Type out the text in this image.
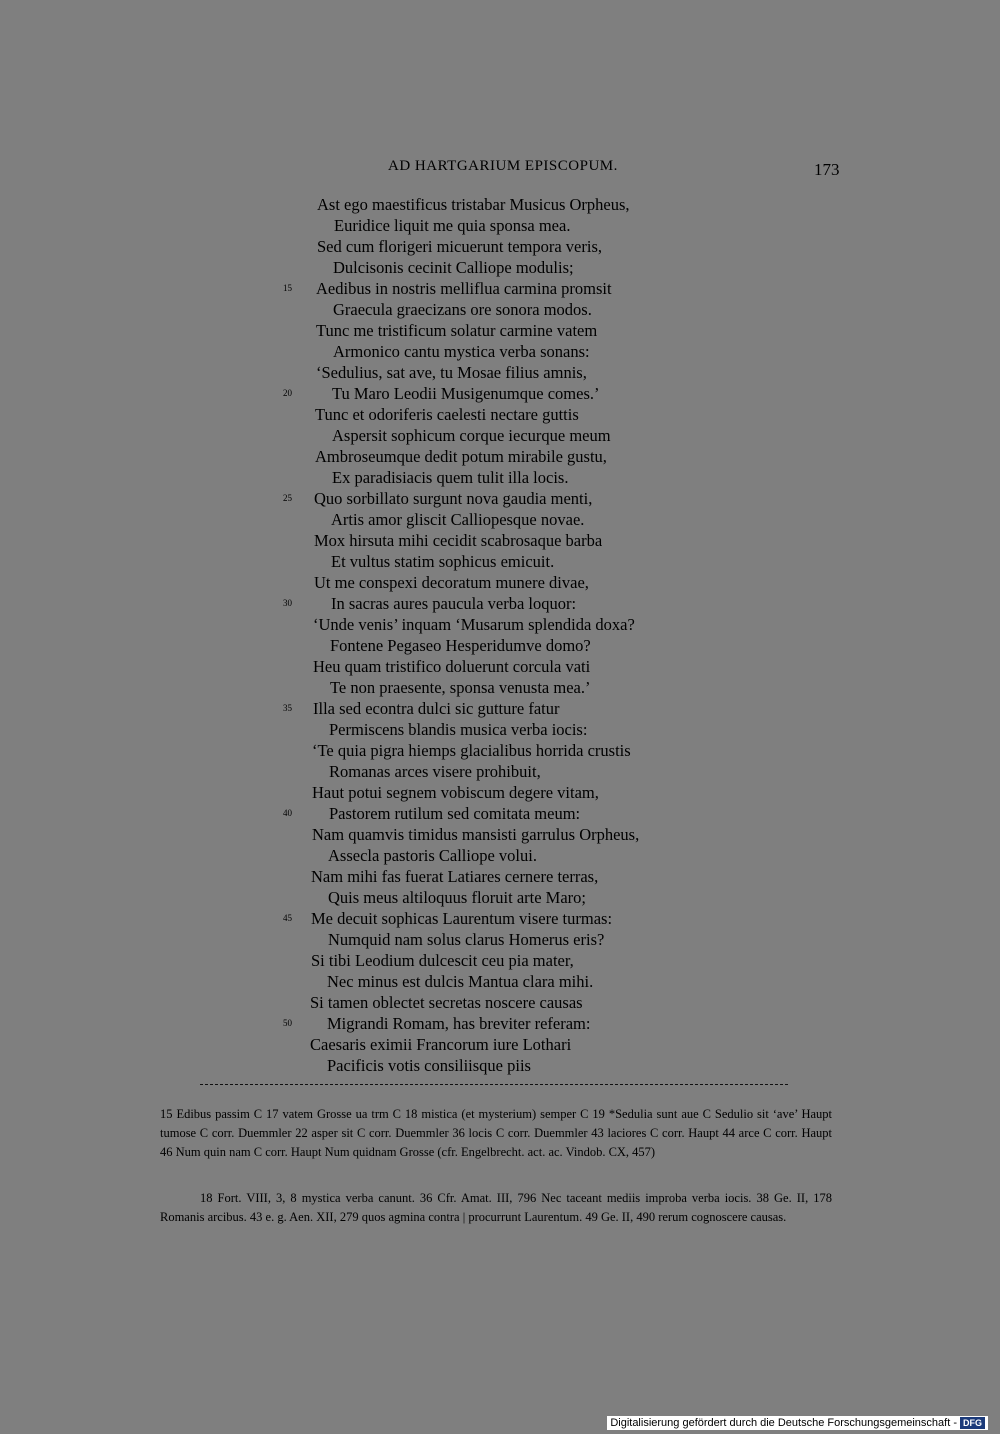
AD HARTGARIUM EPISCOPUM.	173
Ast ego maestificus tristabar Musicus Orpheus,
Euridice liquit me quia sponsa mea.
Sed cum florigeri micuerunt tempora veris,
Dulcisonis cecinit Calliope modulis;
Aedibus in nostris melliflua carmina promsit
15
Graecula graecizans ore sonora modos.
Tunc me tristificum solatur carmine vatem
Armonico cantu mystica verba sonans:
‘Sedulius, sat ave, tu Mosae filius amnis,
Tu Maro Leodii Musigenumque comes.’
20
Tunc et odoriferis caelesti nectare guttis
Aspersit sophicum corque iecurque meum
Ambroseumque dedit potum mirabile gustu,
Ex paradisiacis quem tulit illa locis.
Quo sorbillato surgunt nova gaudia menti,
25
Artis amor gliscit Calliopesque novae.
Mox hirsuta mihi cecidit scabrosaque barba
Et vultus statim sophicus emicuit.
Ut me conspexi decoratum munere divae,
In sacras aures paucula verba loquor:
30
‘Unde venis’ inquam ‘Musarum splendida doxa?
Fontene Pegaseo Hesperidumve domo?
Heu quam tristifico doluerunt corcula vati
Te non praesente, sponsa venusta mea.’
Illa sed econtra dulci sic gutture fatur
35
Permiscens blandis musica verba iocis:
‘Te quia pigra hiemps glacialibus horrida crustis
Romanas arces visere prohibuit,
Haut potui segnem vobiscum degere vitam,
Pastorem rutilum sed comitata meum:
40
Nam quamvis timidus mansisti garrulus Orpheus,
Assecla pastoris Calliope volui.
Nam mihi fas fuerat Latiares cernere terras,
Quis meus altiloquus floruit arte Maro;
Me decuit sophicas Laurentum visere turmas:
45
Numquid nam solus clarus Homerus eris?
Si tibi Leodium dulcescit ceu pia mater,
Nec minus est dulcis Mantua clara mihi.
Si tamen oblectet secretas noscere causas
Migrandi Romam, has breviter referam:
50
Caesaris eximii Francorum iure Lothari
Pacificis votis consiliisque piis

15 Edibus passim C 17 vatem Grosse ua trm C 18 mistica (et mysterium) semper C 19 *Sedulia sunt aue C Sedulio sit ‘ave’ Haupt tumose C corr. Duemmler 22 asper sit C corr. Duemmler 36 locis C corr. Duemmler 43 laciores C corr. Haupt 44 arce C corr. Haupt 46 Num quin nam C corr. Haupt Num quidnam Grosse (cfr. Engelbrecht. act. ac. Vindob. CX, 457)

18 Fort. VIII, 3, 8 mystica verba canunt. 36 Cfr. Amat. III, 796 Nec taceant mediis improba verba iocis. 38 Ge. II, 178 Romanis arcibus. 43 e. g. Aen. XII, 279 quos agmina contra | procurrunt Laurentum. 49 Ge. II, 490 rerum cognoscere causas.

Digitalisierung gefördert durch die Deutsche Forschungsgemeinschaft - DFG
